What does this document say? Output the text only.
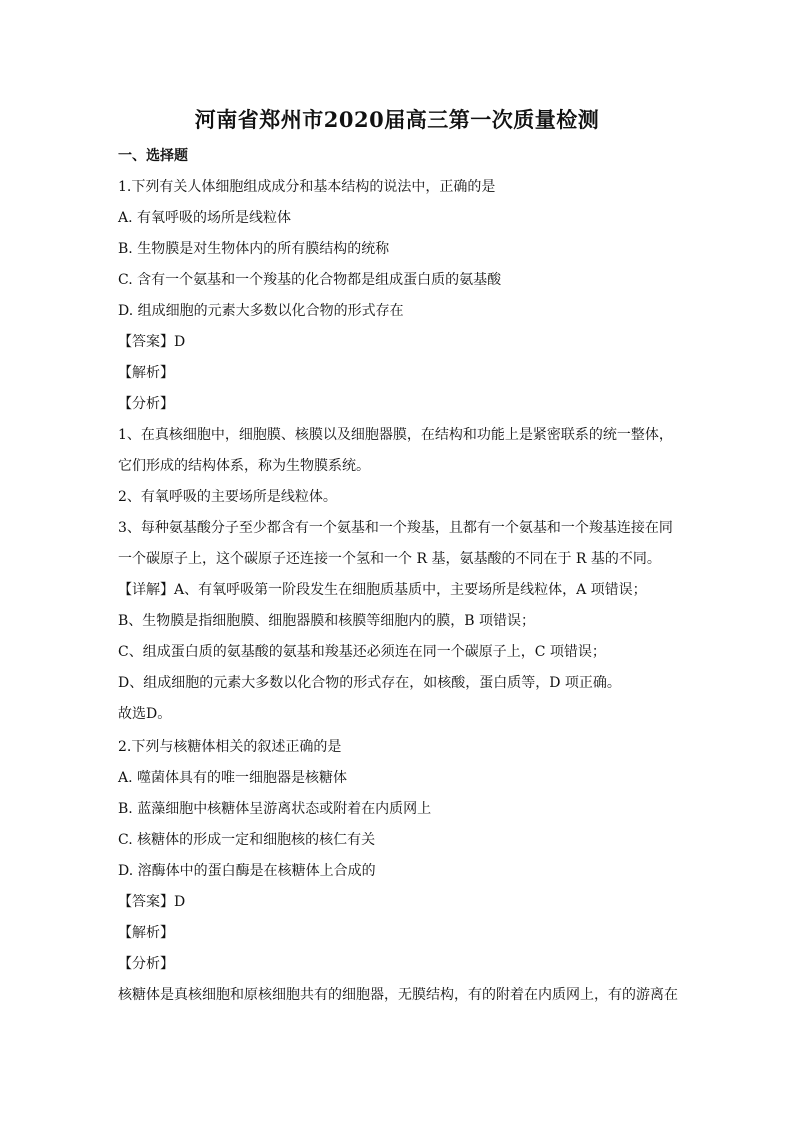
河南省郑州市2020届高三第一次质量检测
一、选择题
1.下列有关人体细胞组成成分和基本结构的说法中，正确的是
A. 有氧呼吸的场所是线粒体
B. 生物膜是对生物体内的所有膜结构的统称
C. 含有一个氨基和一个羧基的化合物都是组成蛋白质的氨基酸
D. 组成细胞的元素大多数以化合物的形式存在
【答案】D
【解析】
【分析】
1、在真核细胞中，细胞膜、核膜以及细胞器膜，在结构和功能上是紧密联系的统一整体，
它们形成的结构体系，称为生物膜系统。
2、有氧呼吸的主要场所是线粒体。
3、每种氨基酸分子至少都含有一个氨基和一个羧基，且都有一个氨基和一个羧基连接在同
一个碳原子上，这个碳原子还连接一个氢和一个 R 基，氨基酸的不同在于 R 基的不同。
【详解】A、有氧呼吸第一阶段发生在细胞质基质中，主要场所是线粒体，A 项错误；
B、生物膜是指细胞膜、细胞器膜和核膜等细胞内的膜，B 项错误；
C、组成蛋白质的氨基酸的氨基和羧基还必须连在同一个碳原子上，C 项错误；
D、组成细胞的元素大多数以化合物的形式存在，如核酸，蛋白质等，D 项正确。
故选D。
2.下列与核糖体相关的叙述正确的是
A. 噬菌体具有的唯一细胞器是核糖体
B. 蓝藻细胞中核糖体呈游离状态或附着在内质网上
C. 核糖体的形成一定和细胞核的核仁有关
D. 溶酶体中的蛋白酶是在核糖体上合成的
【答案】D
【解析】
【分析】
核糖体是真核细胞和原核细胞共有的细胞器，无膜结构，有的附着在内质网上，有的游离在
